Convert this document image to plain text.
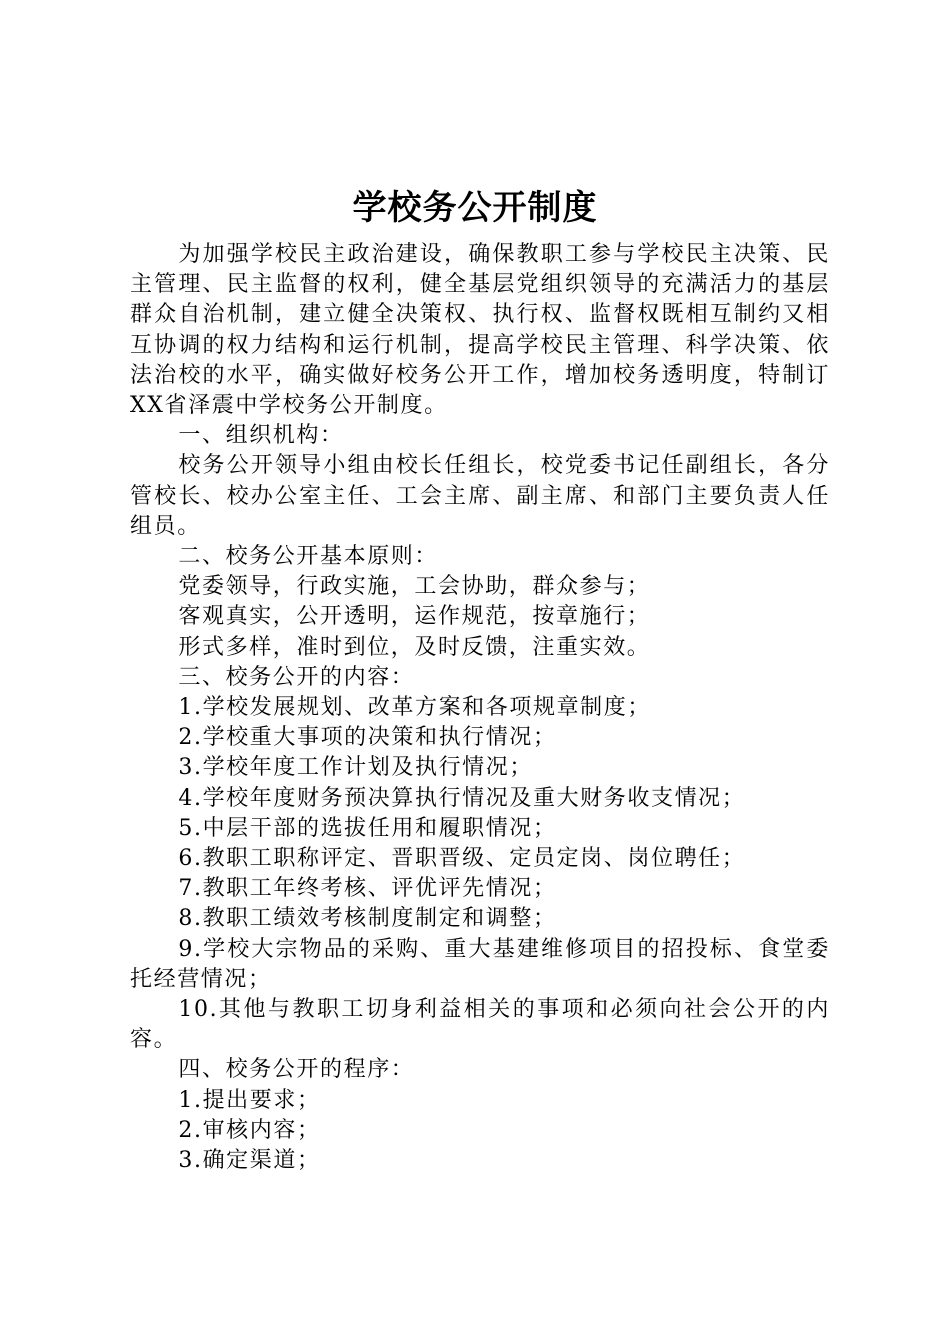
学校务公开制度

为加强学校民主政治建设，确保教职工参与学校民主决策、民主管理、民主监督的权利，健全基层党组织领导的充满活力的基层群众自治机制，建立健全决策权、执行权、监督权既相互制约又相互协调的权力结构和运行机制，提高学校民主管理、科学决策、依法治校的水平，确实做好校务公开工作，增加校务透明度，特制订XX省泽震中学校务公开制度。

一、组织机构：

校务公开领导小组由校长任组长，校党委书记任副组长，各分管校长、校办公室主任、工会主席、副主席、和部门主要负责人任组员。

二、校务公开基本原则：

党委领导，行政实施，工会协助，群众参与；

客观真实，公开透明，运作规范，按章施行；

形式多样，准时到位，及时反馈，注重实效。

三、校务公开的内容：

1.学校发展规划、改革方案和各项规章制度；

2.学校重大事项的决策和执行情况；

3.学校年度工作计划及执行情况；

4.学校年度财务预决算执行情况及重大财务收支情况；

5.中层干部的选拔任用和履职情况；

6.教职工职称评定、晋职晋级、定员定岗、岗位聘任；

7.教职工年终考核、评优评先情况；

8.教职工绩效考核制度制定和调整；

9.学校大宗物品的采购、重大基建维修项目的招投标、食堂委托经营情况；

10.其他与教职工切身利益相关的事项和必须向社会公开的内容。

四、校务公开的程序：

1.提出要求；

2.审核内容；

3.确定渠道；
